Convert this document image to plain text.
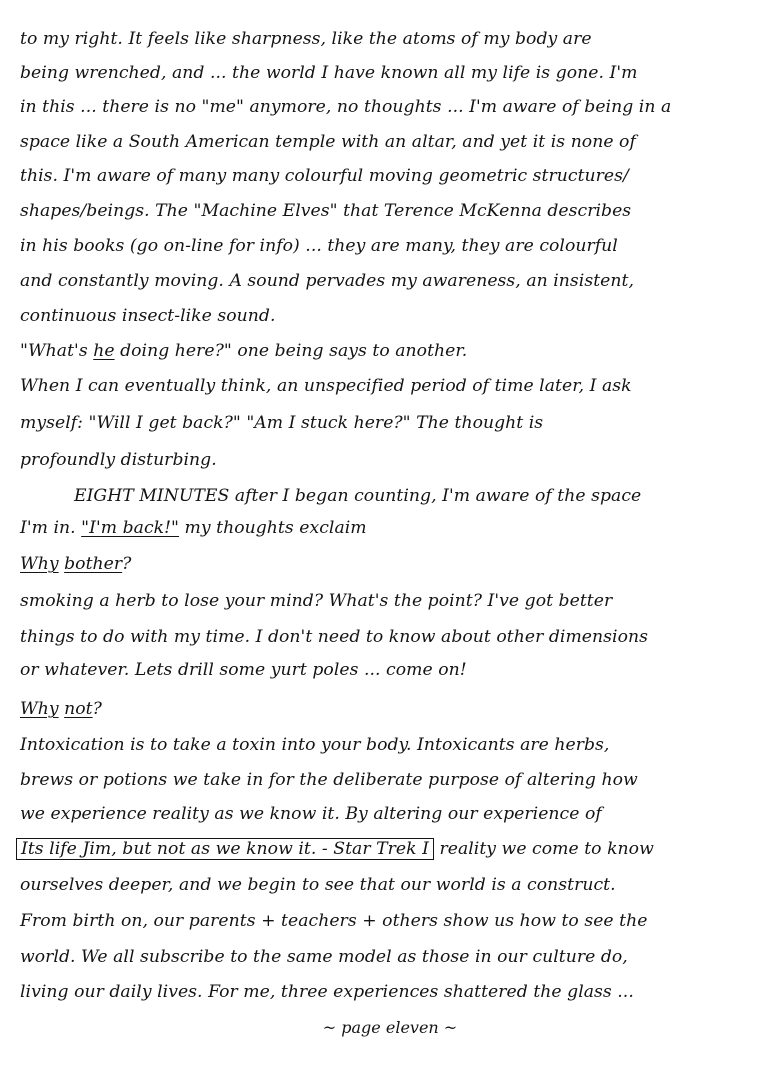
to my right. It feels like sharpness, like the atoms of my body are
being wrenched, and ... the world I have known all my life is gone. I'm
in this ... there is no "me" anymore, no thoughts ... I'm aware of being in a
space like a South American temple with an altar, and yet it is none of
this. I'm aware of many many colourful moving geometric structures/
shapes/beings. The "Machine Elves" that Terence McKenna describes
in his books (go on-line for info) ... they are many, they are colourful
and constantly moving. A sound pervades my awareness, an insistent,
continuous insect-like sound.
"What's he doing here?" one being says to another.
When I can eventually think, an unspecified period of time later, I ask
myself: "Will I get back?" "Am I stuck here?" The thought is
profoundly disturbing.
EIGHT MINUTES after I began counting, I'm aware of the space
I'm in. "I'm back!" my thoughts exclaim
Why bother?
smoking a herb to lose your mind? What's the point? I've got better
things to do with my time. I don't need to know about other dimensions
or whatever. Lets drill some yurt poles ... come on!
Why not?
Intoxication is to take a toxin into your body. Intoxicants are herbs,
brews or potions we take in for the deliberate purpose of altering how
we experience reality as we know it. By altering our experience of
Its life Jim, but not as we know it. - Star Trek I reality we come to know
ourselves deeper, and we begin to see that our world is a construct.
From birth on, our parents + teachers + others show us how to see the
world. We all subscribe to the same model as those in our culture do,
living our daily lives. For me, three experiences shattered the glass ...
~ page eleven ~
